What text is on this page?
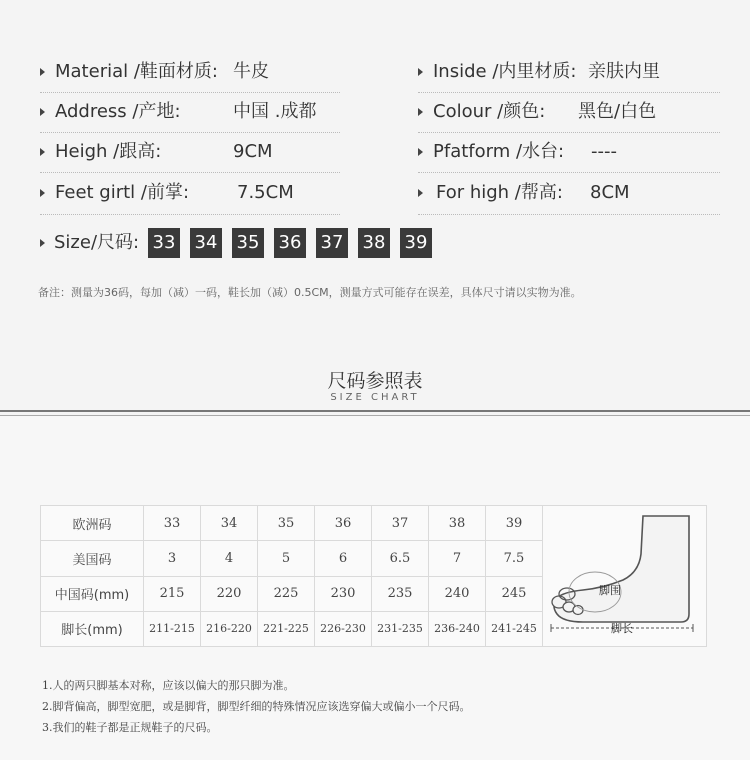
Material /鞋面材质: 牛皮
Address /产地:	中国 .成都
Heigh /跟高:	9CM
Feet girtl /前掌:	7.5CM
Inside /内里材质: 亲肤内里
Colour /颜色: 黑色/白色
Pfatform /水台: ----
For high /帮高: 8CM
Size/尺码: 33 34 35 36 37 38 39
备注：测量为36码，每加（减）一码，鞋长加（减）0.5CM，测量方式可能存在误差，具体尺寸请以实物为准。
尺码参照表
SIZE CHART
欧洲码	33	34	35	36	37	38	39	脚围
脚长

美国码	3	4	5	6	6.5	7	7.5	
中国码(mm)	215	220	225	230	235	240	245	
脚长(mm)	211-215	216-220	221-225	226-230	231-235	236-240	241-245	
1.人的两只脚基本对称，应该以偏大的那只脚为准。
2.脚背偏高，脚型宽肥，或是脚背，脚型纤细的特殊情况应该选穿偏大或偏小一个尺码。
3.我们的鞋子都是正规鞋子的尺码。
